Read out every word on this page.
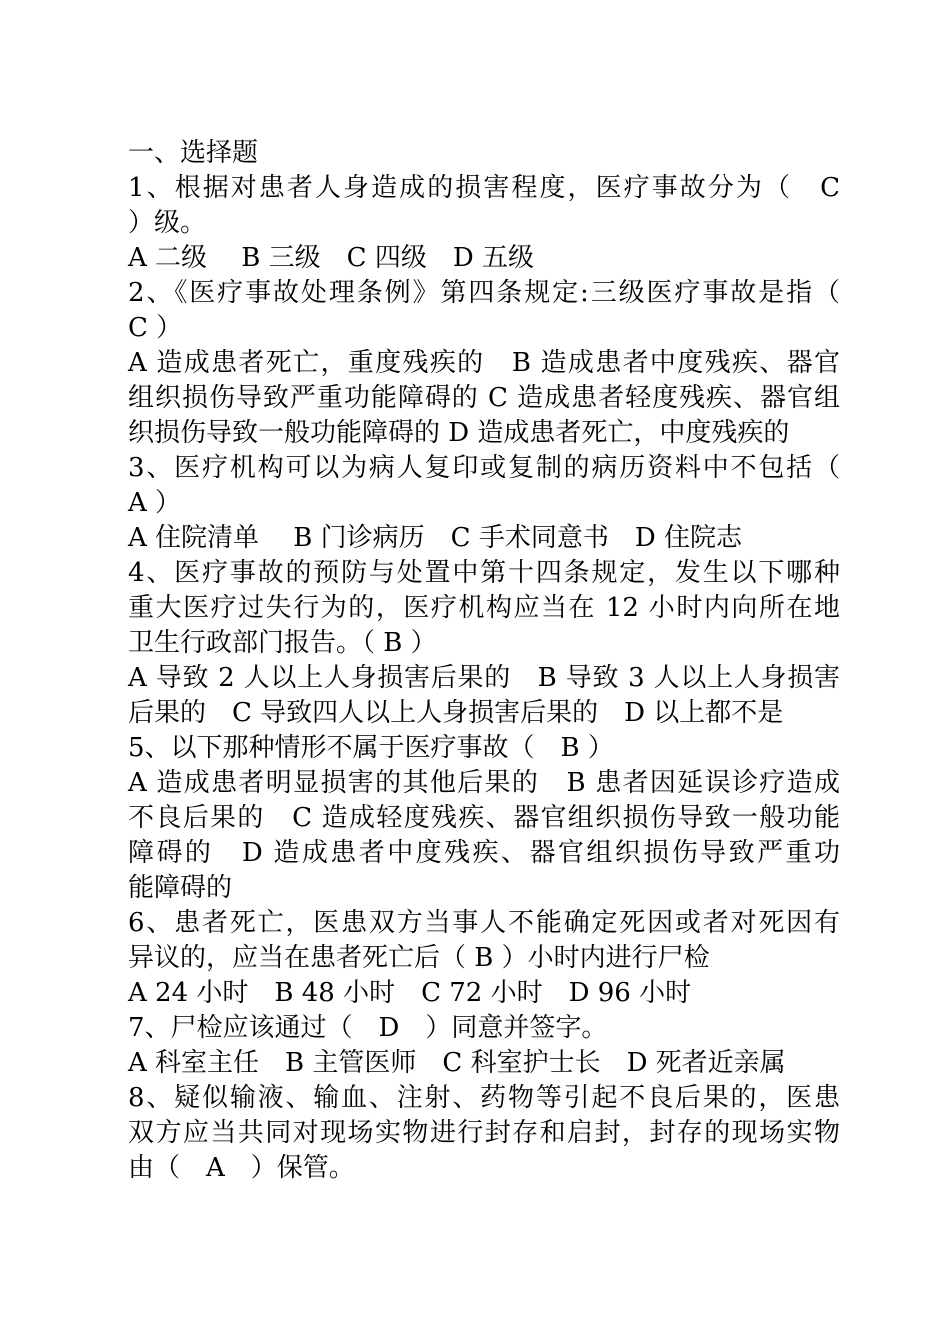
一、选择题
1、根据对患者人身造成的损害程度，医疗事故分为（　C
）级。
A 二级　 B 三级　C 四级　D 五级
2、《医疗事故处理条例》第四条规定:三级医疗事故是指（
C ）
A 造成患者死亡，重度残疾的　B 造成患者中度残疾、器官
组织损伤导致严重功能障碍的 C 造成患者轻度残疾、器官组
织损伤导致一般功能障碍的 D 造成患者死亡，中度残疾的
3、医疗机构可以为病人复印或复制的病历资料中不包括（
A ）
A 住院清单　 B 门诊病历　C 手术同意书　D 住院志
4、医疗事故的预防与处置中第十四条规定，发生以下哪种
重大医疗过失行为的，医疗机构应当在 12 小时内向所在地
卫生行政部门报告。（ B ）
A 导致 2 人以上人身损害后果的　B 导致 3 人以上人身损害
后果的　C 导致四人以上人身损害后果的　D 以上都不是
5、以下那种情形不属于医疗事故（　B ）
A 造成患者明显损害的其他后果的　B 患者因延误诊疗造成
不良后果的　C 造成轻度残疾、器官组织损伤导致一般功能
障碍的　D 造成患者中度残疾、器官组织损伤导致严重功
能障碍的
6、患者死亡，医患双方当事人不能确定死因或者对死因有
异议的，应当在患者死亡后（ B ）小时内进行尸检
A 24 小时　B 48 小时　C 72 小时　D 96 小时
7、尸检应该通过（　D　）同意并签字。
A 科室主任　B 主管医师　C 科室护士长　D 死者近亲属
8、疑似输液、输血、注射、药物等引起不良后果的，医患
双方应当共同对现场实物进行封存和启封，封存的现场实物
由（　A　）保管。
